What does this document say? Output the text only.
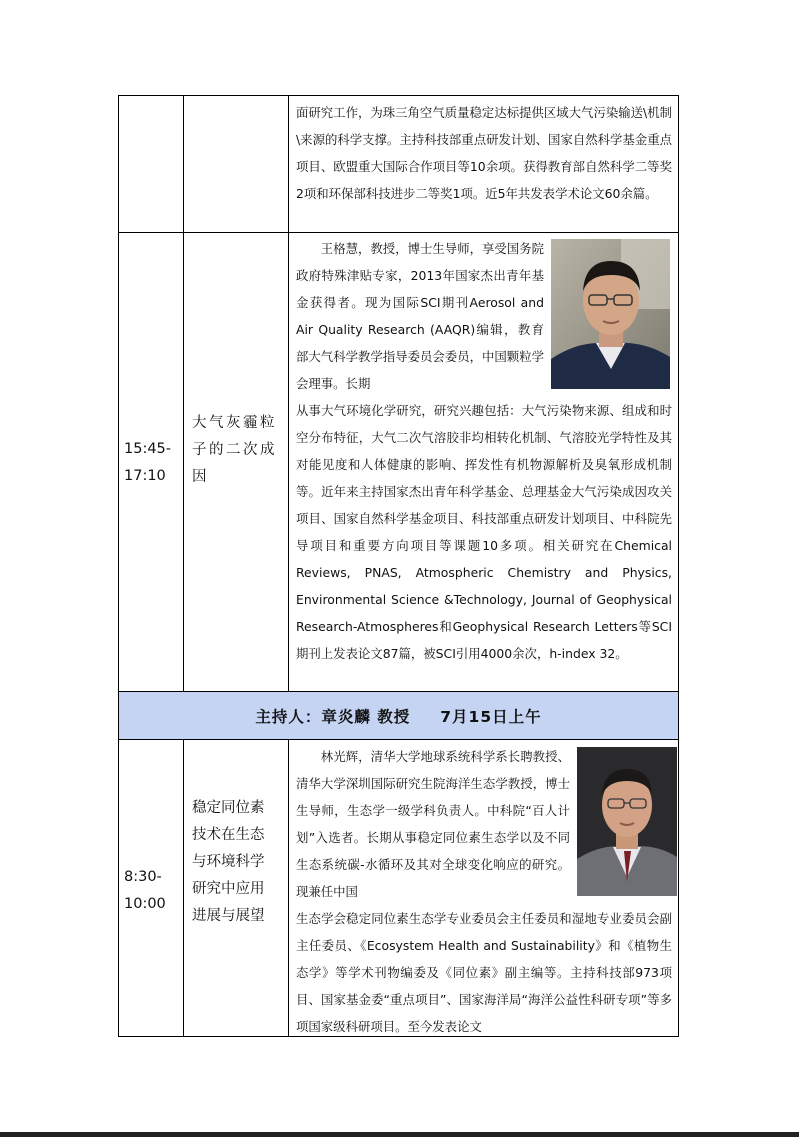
面研究工作，为珠三角空气质量稳定达标提供区域大气污染输送\机制\来源的科学支撑。主持科技部重点研发计划、国家自然科学基金重点项目、欧盟重大国际合作项目等10余项。获得教育部自然科学二等奖2项和环保部科技进步二等奖1项。近5年共发表学术论文60余篇。

15:45-
17:10
大气灰霾粒
子的二次成
因

王格慧，教授，博士生导师，享受国务院政府特殊津贴专家，2013年国家杰出青年基金获得者。现为国际SCI期刊Aerosol and Air Quality Research (AAQR)编辑，教育部大气科学教学指导委员会委员，中国颗粒学会理事。长期

从事大气环境化学研究，研究兴趣包括：大气污染物来源、组成和时空分布特征，大气二次气溶胶非均相转化机制、气溶胶光学特性及其对能见度和人体健康的影响、挥发性有机物源解析及臭氧形成机制等。近年来主持国家杰出青年科学基金、总理基金大气污染成因攻关项目、国家自然科学基金项目、科技部重点研发计划项目、中科院先导项目和重要方向项目等课题10多项。相关研究在Chemical Reviews, PNAS, Atmospheric Chemistry and Physics, Environmental Science &Technology, Journal of Geophysical Research-Atmospheres和Geophysical Research Letters等SCI期刊上发表论文87篇，被SCI引用4000余次，h-index 32。

主持人：章炎麟 教授 7月15日上午
8:30-
10:00
稳定同位素
技术在生态
与环境科学
研究中应用
进展与展望

林光辉，清华大学地球系统科学系长聘教授、清华大学深圳国际研究生院海洋生态学教授，博士生导师，生态学一级学科负责人。中科院“百人计划”入选者。长期从事稳定同位素生态学以及不同生态系统碳-水循环及其对全球变化响应的研究。现兼任中国

生态学会稳定同位素生态学专业委员会主任委员和湿地专业委员会副主任委员、《Ecosystem Health and Sustainability》和《植物生态学》等学术刊物编委及《同位素》副主编等。主持科技部973项目、国家基金委“重点项目”、国家海洋局“海洋公益性科研专项”等多项国家级科研项目。至今发表论文
